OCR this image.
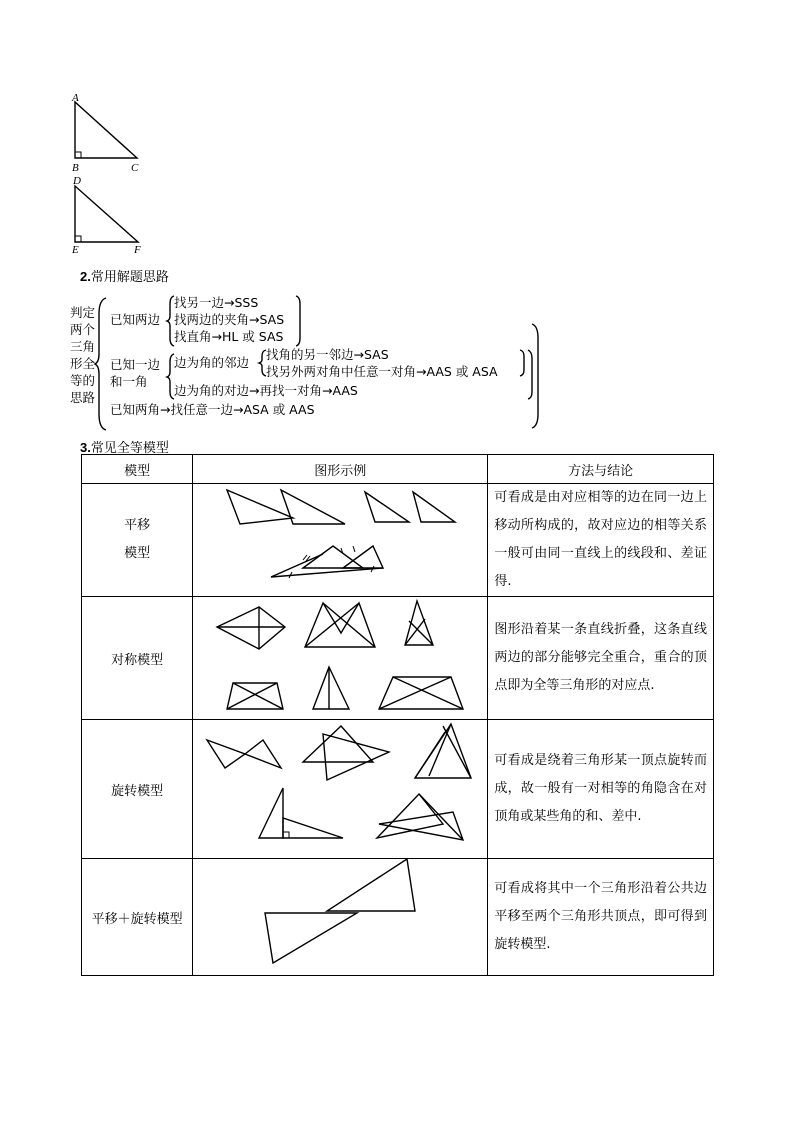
A
B	C
D
E	F
2.常用解题思路
判定
两个
三角
形全
等的
思路
已知两边
找另一边→SSS
找两边的夹角→SAS
找直角→HL 或 SAS
已知一边
和一角
边为角的邻边
找角的另一邻边→SAS
找另外两对角中任意一对角→AAS 或 ASA
边为角的对边→再找一对角→AAS
已知两角→找任意一边→ASA 或 AAS
3.常见全等模型
模型	图形示例	方法与结论

平移
模型		可看成是由对应相等的边在同一边上移动所构成的，故对应边的相等关系一般可由同一直线上的线段和、差证得.
对称模型		图形沿着某一条直线折叠，这条直线两边的部分能够完全重合，重合的顶点即为全等三角形的对应点.
旋转模型		可看成是绕着三角形某一顶点旋转而成，故一般有一对相等的角隐含在对顶角或某些角的和、差中.
平移＋旋转模型		可看成将其中一个三角形沿着公共边平移至两个三角形共顶点，即可得到旋转模型.
